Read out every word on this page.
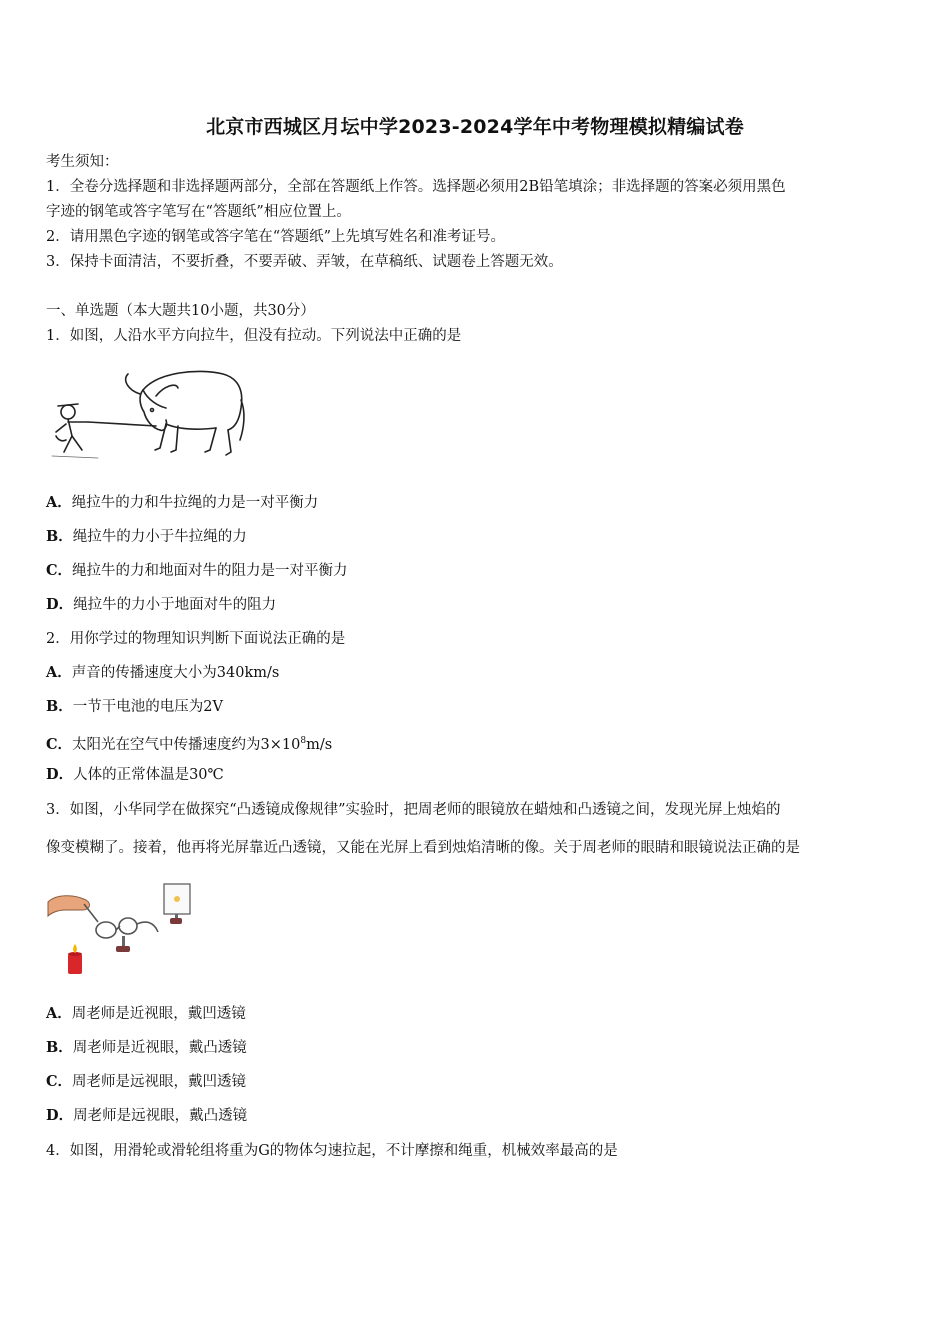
北京市西城区月坛中学2023-2024学年中考物理模拟精编试卷
考生须知：
1．全卷分选择题和非选择题两部分，全部在答题纸上作答。选择题必须用2B铅笔填涂；非选择题的答案必须用黑色
字迹的钢笔或答字笔写在“答题纸”相应位置上。
2．请用黑色字迹的钢笔或答字笔在“答题纸”上先填写姓名和准考证号。
3．保持卡面清洁，不要折叠，不要弄破、弄皱，在草稿纸、试题卷上答题无效。
一、单选题（本大题共10小题，共30分）
1．如图，人沿水平方向拉牛，但没有拉动。下列说法中正确的是
A．绳拉牛的力和牛拉绳的力是一对平衡力
B．绳拉牛的力小于牛拉绳的力
C．绳拉牛的力和地面对牛的阻力是一对平衡力
D．绳拉牛的力小于地面对牛的阻力
2．用你学过的物理知识判断下面说法正确的是
A．声音的传播速度大小为340km/s
B．一节干电池的电压为2V
C．太阳光在空气中传播速度约为$3\times 10^8m/s$
D．人体的正常体温是30℃
3．如图，小华同学在做探究“凸透镜成像规律”实验时，把周老师的眼镜放在蜡烛和凸透镜之间，发现光屏上烛焰的
像变模糊了。接着，他再将光屏靠近凸透镜，又能在光屏上看到烛焰清晰的像。关于周老师的眼睛和眼镜说法正确的是
A．周老师是近视眼，戴凹透镜
B．周老师是近视眼，戴凸透镜
C．周老师是远视眼，戴凹透镜
D．周老师是远视眼，戴凸透镜
4．如图，用滑轮或滑轮组将重为G的物体匀速拉起，不计摩擦和绳重，机械效率最高的是
